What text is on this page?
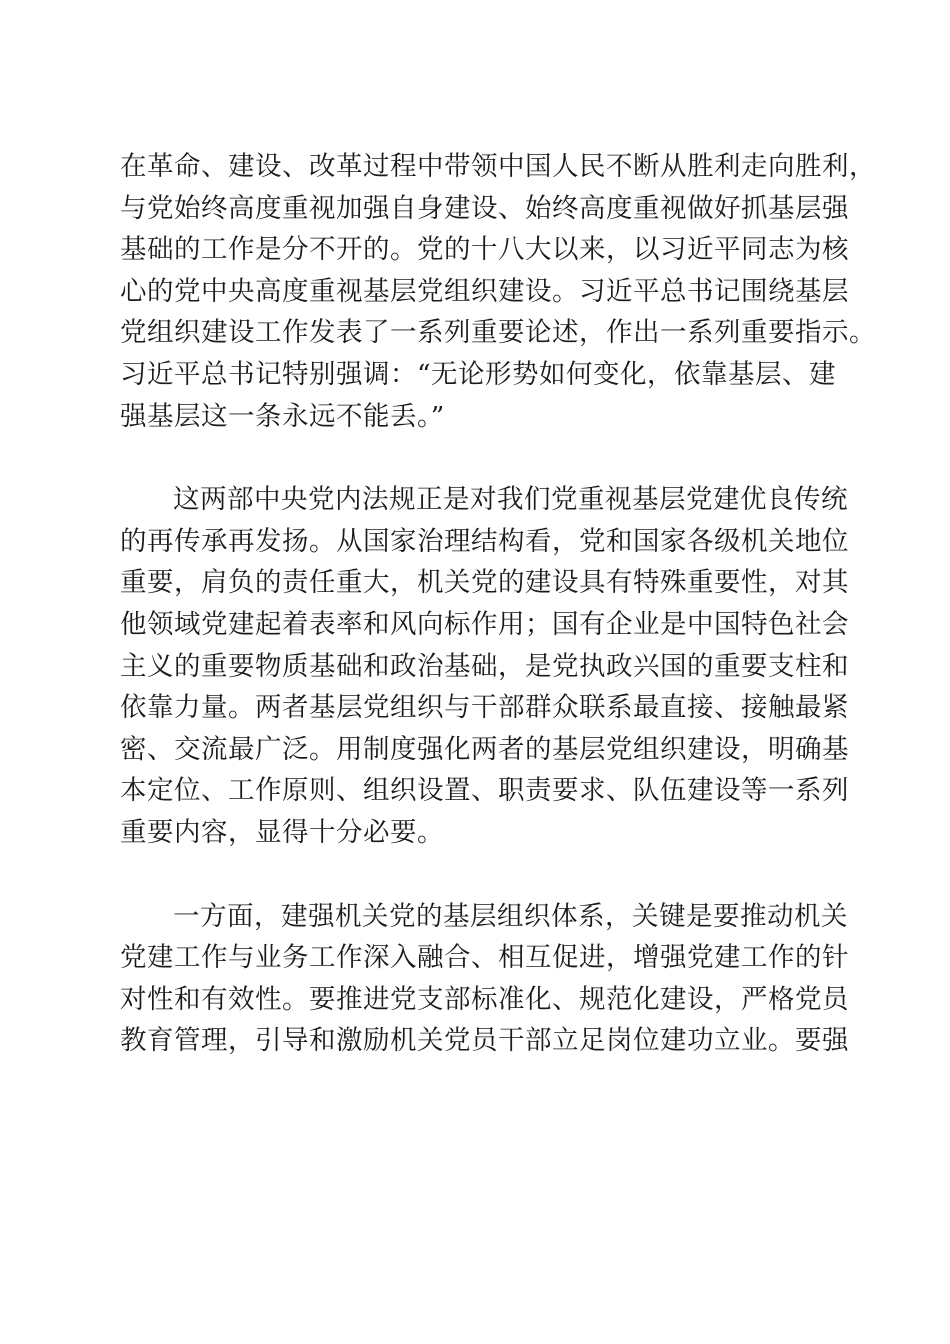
在革命、建设、改革过程中带领中国人民不断从胜利走向胜利，
与党始终高度重视加强自身建设、始终高度重视做好抓基层强
基础的工作是分不开的。党的十八大以来，以习近平同志为核
心的党中央高度重视基层党组织建设。习近平总书记围绕基层
党组织建设工作发表了一系列重要论述，作出一系列重要指示。
习近平总书记特别强调：“无论形势如何变化，依靠基层、建
强基层这一条永远不能丢。”
这两部中央党内法规正是对我们党重视基层党建优良传统
的再传承再发扬。从国家治理结构看，党和国家各级机关地位
重要，肩负的责任重大，机关党的建设具有特殊重要性，对其
他领域党建起着表率和风向标作用；国有企业是中国特色社会
主义的重要物质基础和政治基础，是党执政兴国的重要支柱和
依靠力量。两者基层党组织与干部群众联系最直接、接触最紧
密、交流最广泛。用制度强化两者的基层党组织建设，明确基
本定位、工作原则、组织设置、职责要求、队伍建设等一系列
重要内容，显得十分必要。
一方面，建强机关党的基层组织体系，关键是要推动机关
党建工作与业务工作深入融合、相互促进，增强党建工作的针
对性和有效性。要推进党支部标准化、规范化建设，严格党员
教育管理，引导和激励机关党员干部立足岗位建功立业。要强
